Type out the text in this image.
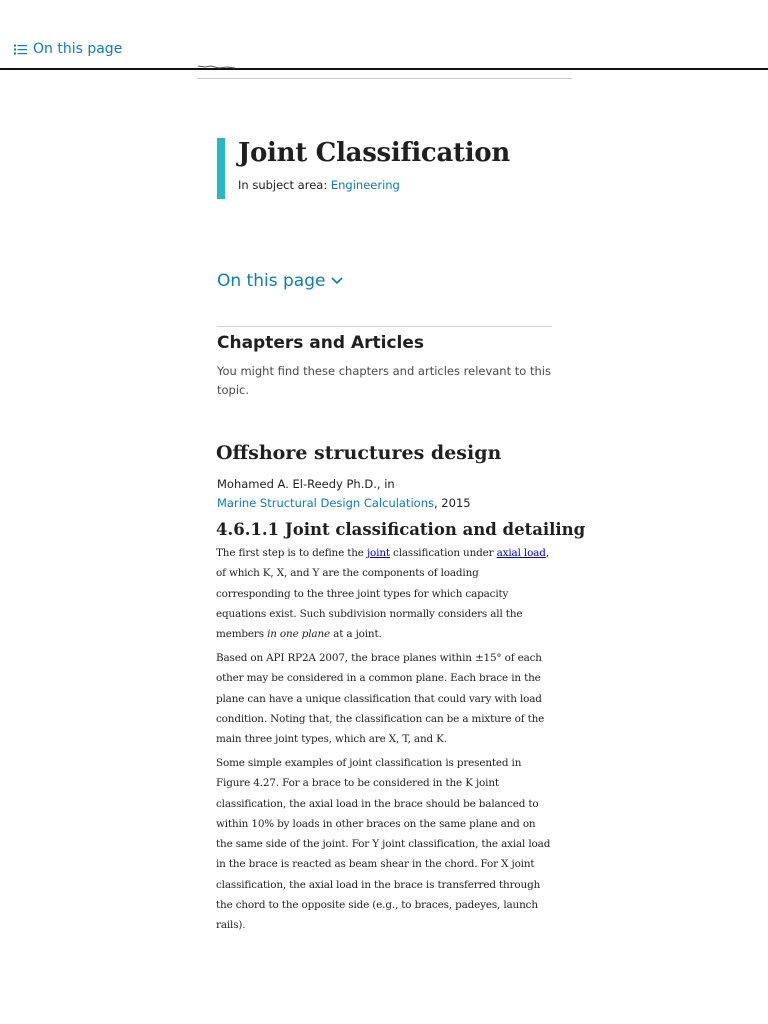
On this page
Joint Classification
In subject area: Engineering
On this page
Chapters and Articles

You might find these chapters and articles relevant to this topic.

Offshore structures design
Mohamed A. El-Reedy Ph.D., in
Marine Structural Design Calculations, 2015
4.6.1.1 Joint classification and detailing

The first step is to define the joint classification under axial load, of which K, X, and Y are the components of loading corresponding to the three joint types for which capacity equations exist. Such subdivision normally considers all the members in one plane at a joint.

Based on API RP2A 2007, the brace planes within ±15° of each other may be considered in a common plane. Each brace in the plane can have a unique classification that could vary with load condition. Noting that, the classification can be a mixture of the main three joint types, which are X, T, and K.

Some simple examples of joint classification is presented in Figure 4.27. For a brace to be considered in the K joint classification, the axial load in the brace should be balanced to within 10% by loads in other braces on the same plane and on the same side of the joint. For Y joint classification, the axial load in the brace is reacted as beam shear in the chord. For X joint classification, the axial load in the brace is transferred through the chord to the opposite side (e.g., to braces, padeyes, launch rails).
